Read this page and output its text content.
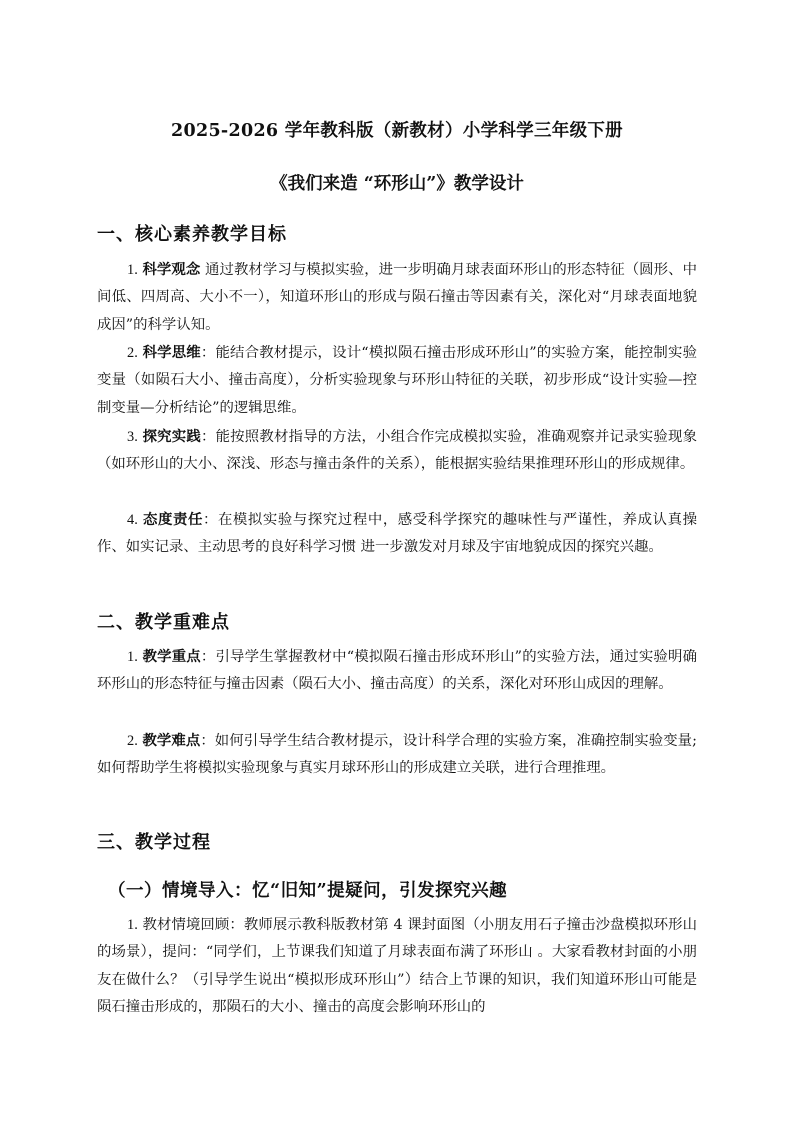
2025-2026 学年教科版（新教材）小学科学三年级下册
《我们来造 “环形山”》教学设计
一、核心素养教学目标
1. 科学观念 通过教材学习与模拟实验，进一步明确月球表面环形山的形态特征（圆形、中间低、四周高、大小不一），知道环形山的形成与陨石撞击等因素有关，深化对“月球表面地貌成因”的科学认知。
2. 科学思维：能结合教材提示，设计“模拟陨石撞击形成环形山”的实验方案，能控制实验变量（如陨石大小、撞击高度），分析实验现象与环形山特征的关联，初步形成“设计实验—控制变量—分析结论”的逻辑思维。
3. 探究实践：能按照教材指导的方法，小组合作完成模拟实验，准确观察并记录实验现象（如环形山的大小、深浅、形态与撞击条件的关系），能根据实验结果推理环形山的形成规律。
4. 态度责任：在模拟实验与探究过程中，感受科学探究的趣味性与严谨性，养成认真操作、如实记录、主动思考的良好科学习惯 进一步激发对月球及宇宙地貌成因的探究兴趣。
二、教学重难点
1. 教学重点：引导学生掌握教材中“模拟陨石撞击形成环形山”的实验方法，通过实验明确环形山的形态特征与撞击因素（陨石大小、撞击高度）的关系，深化对环形山成因的理解。
2. 教学难点：如何引导学生结合教材提示，设计科学合理的实验方案，准确控制实验变量; 如何帮助学生将模拟实验现象与真实月球环形山的形成建立关联，进行合理推理。
三、教学过程
（一）情境导入：忆“旧知”提疑问，引发探究兴趣
1. 教材情境回顾：教师展示教科版教材第 4 课封面图（小朋友用石子撞击沙盘模拟环形山的场景），提问：“同学们，上节课我们知道了月球表面布满了环形山 。大家看教材封面的小朋友在做什么？（引导学生说出“模拟形成环形山”）结合上节课的知识，我们知道环形山可能是陨石撞击形成的，那陨石的大小、撞击的高度会影响环形山的
